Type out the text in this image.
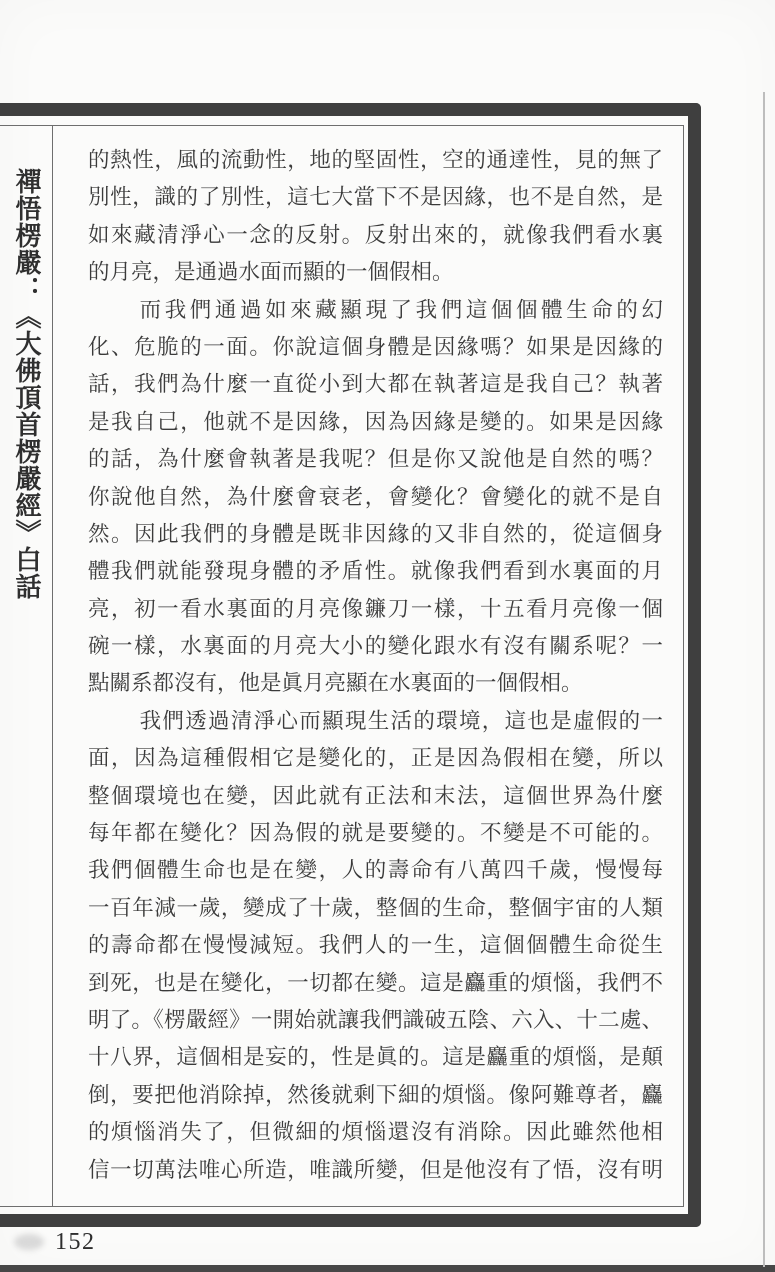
禪悟楞嚴：《大佛頂首楞嚴經》白話
的熱性，風的流動性，地的堅固性，空的通達性，見的無了
別性，識的了別性，這七大當下不是因緣，也不是自然，是
如來藏清淨心一念的反射。反射出來的，就像我們看水裏
的月亮，是通過水面而顯的一個假相。
而我們通過如來藏顯現了我們這個個體生命的幻
化、危脆的一面。你說這個身體是因緣嗎？如果是因緣的
話，我們為什麼一直從小到大都在執著這是我自己？執著
是我自己，他就不是因緣，因為因緣是變的。如果是因緣
的話，為什麼會執著是我呢？但是你又說他是自然的嗎？
你說他自然，為什麼會衰老，會變化？會變化的就不是自
然。因此我們的身體是既非因緣的又非自然的，從這個身
體我們就能發現身體的矛盾性。就像我們看到水裏面的月
亮，初一看水裏面的月亮像鐮刀一樣，十五看月亮像一個
碗一樣，水裏面的月亮大小的變化跟水有沒有關系呢？一
點關系都沒有，他是眞月亮顯在水裏面的一個假相。
我們透過清淨心而顯現生活的環境，這也是虛假的一
面，因為這種假相它是變化的，正是因為假相在變，所以
整個環境也在變，因此就有正法和末法，這個世界為什麼
每年都在變化？因為假的就是要變的。不變是不可能的。
我們個體生命也是在變，人的壽命有八萬四千歲，慢慢每
一百年減一歲，變成了十歲，整個的生命，整個宇宙的人類
的壽命都在慢慢減短。我們人的一生，這個個體生命從生
到死，也是在變化，一切都在變。這是麤重的煩惱，我們不
明了。《楞嚴經》一開始就讓我們識破五陰、六入、十二處、
十八界，這個相是妄的，性是眞的。這是麤重的煩惱，是顛
倒，要把他消除掉，然後就剩下細的煩惱。像阿難尊者，麤
的煩惱消失了，但微細的煩惱還沒有消除。因此雖然他相
信一切萬法唯心所造，唯識所變，但是他沒有了悟，沒有明
152
